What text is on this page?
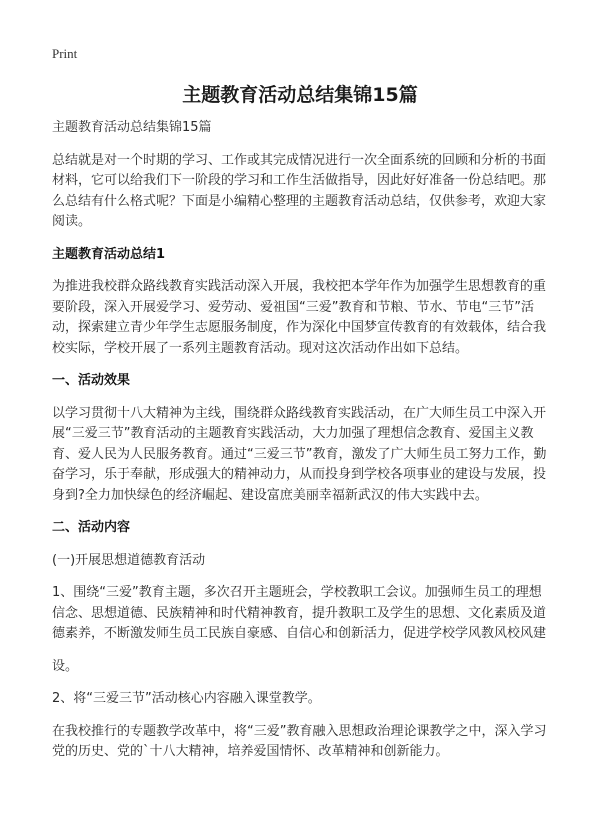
Print
主题教育活动总结集锦15篇

主题教育活动总结集锦15篇

总结就是对一个时期的学习、工作或其完成情况进行一次全面系统的回顾和分析的书面材料，它可以给我们下一阶段的学习和工作生活做指导，因此好好准备一份总结吧。那么总结有什么格式呢？下面是小编精心整理的主题教育活动总结，仅供参考，欢迎大家阅读。

主题教育活动总结1

为推进我校群众路线教育实践活动深入开展，我校把本学年作为加强学生思想教育的重要阶段，深入开展爱学习、爱劳动、爱祖国“三爱”教育和节粮、节水、节电“三节”活动，探索建立青少年学生志愿服务制度，作为深化中国梦宣传教育的有效载体，结合我校实际，学校开展了一系列主题教育活动。现对这次活动作出如下总结。

一、活动效果

以学习贯彻十八大精神为主线，围绕群众路线教育实践活动，在广大师生员工中深入开展“三爱三节”教育活动的主题教育实践活动，大力加强了理想信念教育、爱国主义教育、爱人民为人民服务教育。通过“三爱三节”教育，激发了广大师生员工努力工作，勤奋学习，乐于奉献，形成强大的精神动力，从而投身到学校各项事业的建设与发展，投身到?全力加快绿色的经济崛起、建设富庶美丽幸福新武汉的伟大实践中去。

二、活动内容

(一)开展思想道德教育活动

1、围绕“三爱”教育主题，多次召开主题班会，学校教职工会议。加强师生员工的理想信念、思想道德、民族精神和时代精神教育，提升教职工及学生的思想、文化素质及道德素养，不断激发师生员工民族自豪感、自信心和创新活力，促进学校学风教风校风建

设。

2、将“三爱三节”活动核心内容融入课堂教学。

在我校推行的专题教学改革中，将“三爱”教育融入思想政治理论课教学之中，深入学习党的历史、党的`十八大精神，培养爱国情怀、改革精神和创新能力。
